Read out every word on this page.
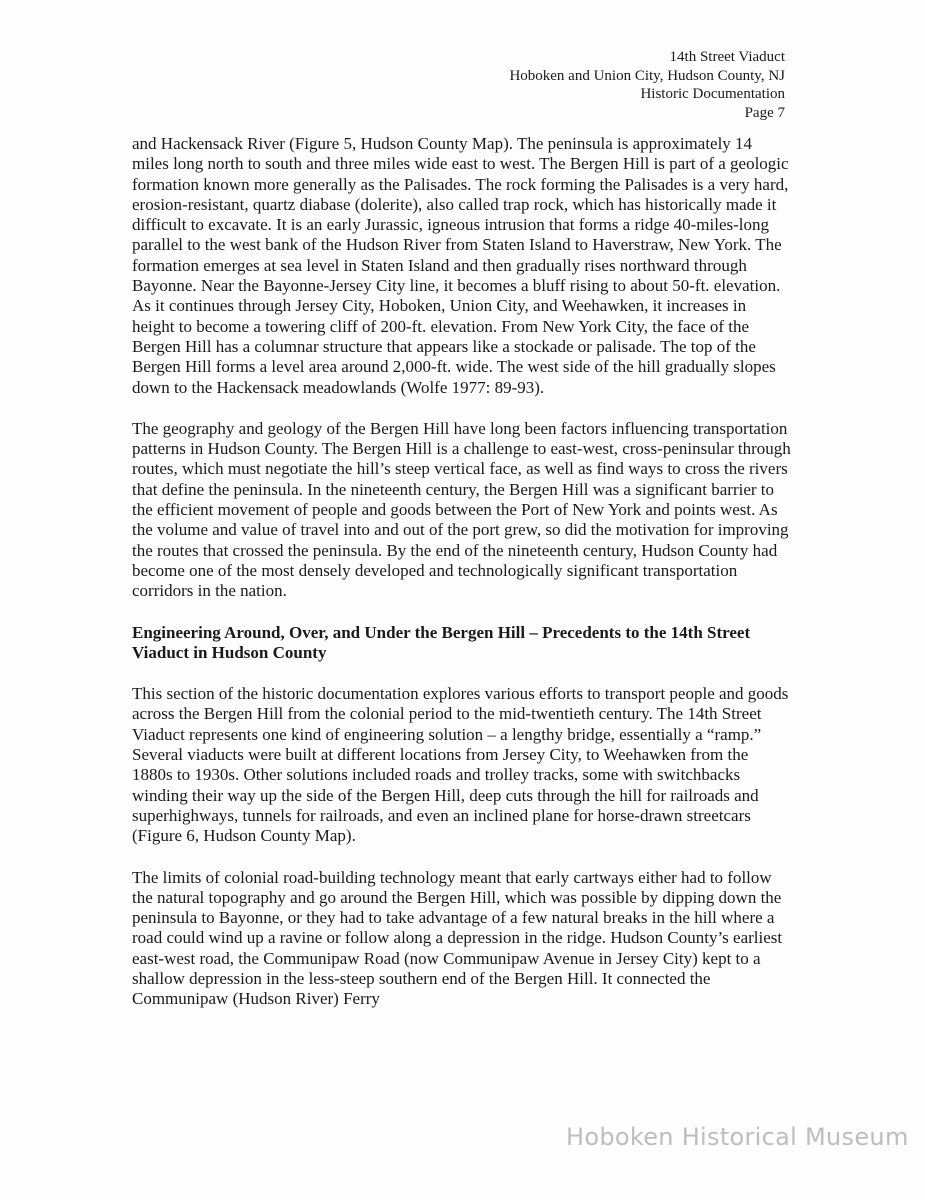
14th Street Viaduct
Hoboken and Union City, Hudson County, NJ
Historic Documentation
Page 7

and Hackensack River (Figure 5, Hudson County Map). The peninsula is approximately 14 miles long north to south and three miles wide east to west. The Bergen Hill is part of a geologic formation known more generally as the Palisades. The rock forming the Palisades is a very hard, erosion-resistant, quartz diabase (dolerite), also called trap rock, which has historically made it difficult to excavate. It is an early Jurassic, igneous intrusion that forms a ridge 40-miles-long parallel to the west bank of the Hudson River from Staten Island to Haverstraw, New York. The formation emerges at sea level in Staten Island and then gradually rises northward through Bayonne. Near the Bayonne-Jersey City line, it becomes a bluff rising to about 50-ft. elevation. As it continues through Jersey City, Hoboken, Union City, and Weehawken, it increases in height to become a towering cliff of 200-ft. elevation. From New York City, the face of the Bergen Hill has a columnar structure that appears like a stockade or palisade. The top of the Bergen Hill forms a level area around 2,000-ft. wide. The west side of the hill gradually slopes down to the Hackensack meadowlands (Wolfe 1977: 89-93).

The geography and geology of the Bergen Hill have long been factors influencing transportation patterns in Hudson County. The Bergen Hill is a challenge to east-west, cross-peninsular through routes, which must negotiate the hill’s steep vertical face, as well as find ways to cross the rivers that define the peninsula. In the nineteenth century, the Bergen Hill was a significant barrier to the efficient movement of people and goods between the Port of New York and points west. As the volume and value of travel into and out of the port grew, so did the motivation for improving the routes that crossed the peninsula. By the end of the nineteenth century, Hudson County had become one of the most densely developed and technologically significant transportation corridors in the nation.

Engineering Around, Over, and Under the Bergen Hill – Precedents to the 14th Street Viaduct in Hudson County

This section of the historic documentation explores various efforts to transport people and goods across the Bergen Hill from the colonial period to the mid-twentieth century. The 14th Street Viaduct represents one kind of engineering solution – a lengthy bridge, essentially a “ramp.” Several viaducts were built at different locations from Jersey City, to Weehawken from the 1880s to 1930s. Other solutions included roads and trolley tracks, some with switchbacks winding their way up the side of the Bergen Hill, deep cuts through the hill for railroads and superhighways, tunnels for railroads, and even an inclined plane for horse-drawn streetcars (Figure 6, Hudson County Map).

The limits of colonial road-building technology meant that early cartways either had to follow the natural topography and go around the Bergen Hill, which was possible by dipping down the peninsula to Bayonne, or they had to take advantage of a few natural breaks in the hill where a road could wind up a ravine or follow along a depression in the ridge. Hudson County’s earliest east-west road, the Communipaw Road (now Communipaw Avenue in Jersey City) kept to a shallow depression in the less-steep southern end of the Bergen Hill. It connected the Communipaw (Hudson River) Ferry

Hoboken Historical Museum
